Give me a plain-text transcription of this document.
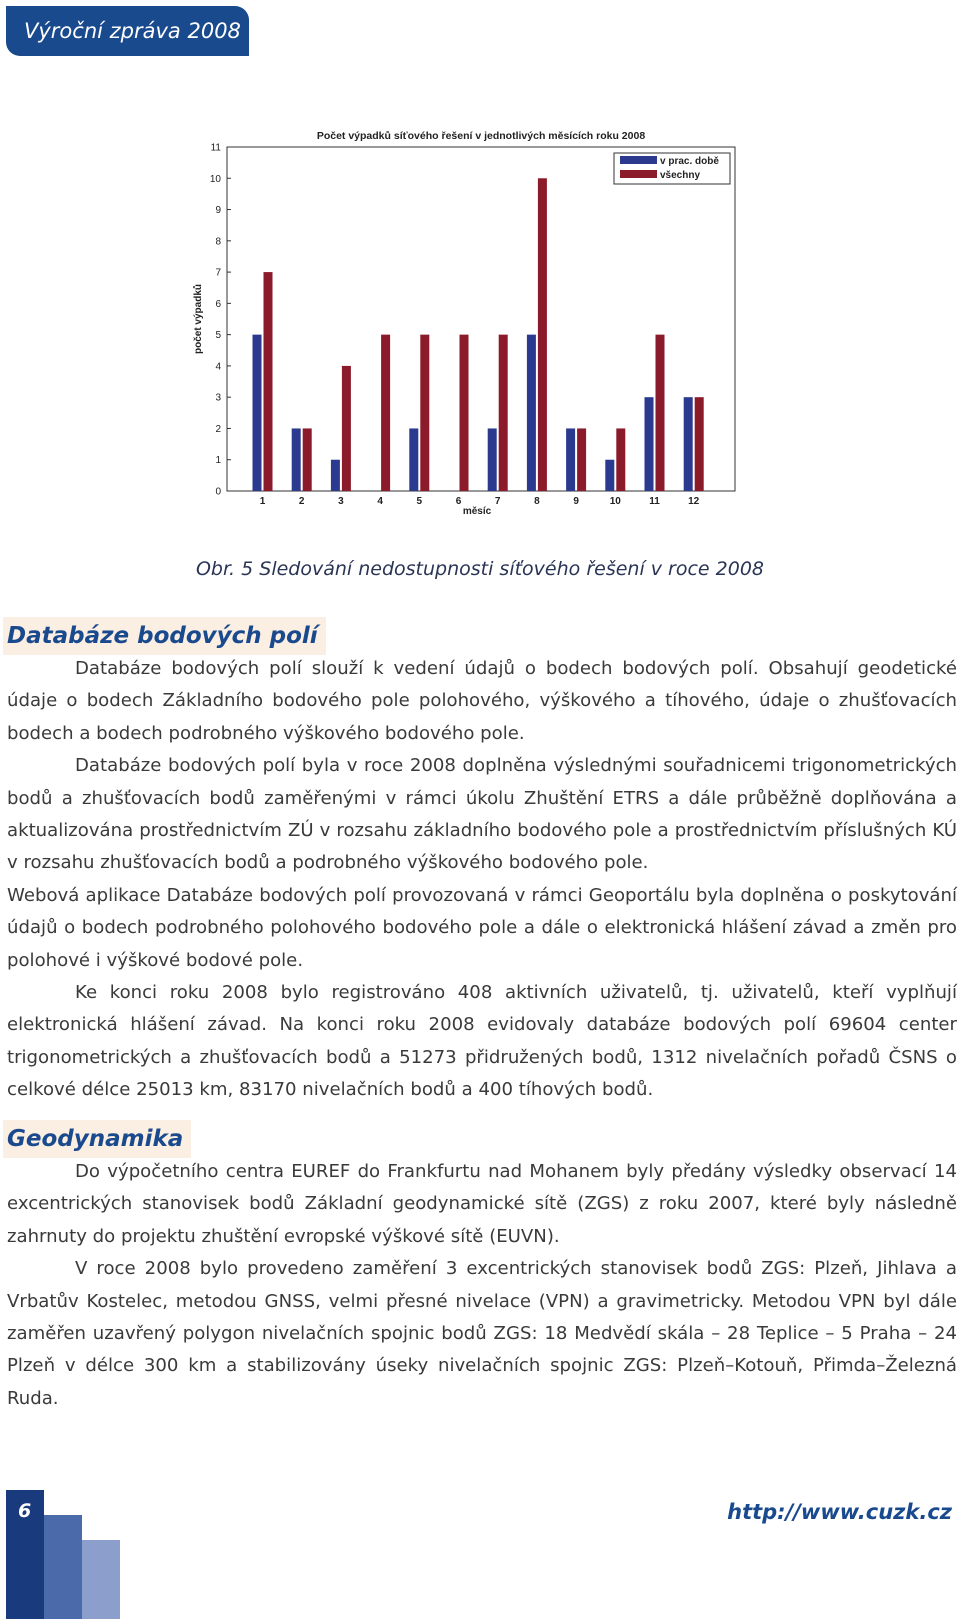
Výroční zpráva 2008
Počet výpadků síťového řešení v jednotlivých měsících roku 2008
počet výpadků
měsíc
0
1
2
3
4
5
6
7
8
9
10
11
1	2	3	4	5	6	7	8	9	10	11	12
v prac. době
všechny
Obr. 5 Sledování nedostupnosti síťového řešení v roce 2008
Databáze bodových polí

Databáze bodových polí slouží k vedení údajů o bodech bodových polí. Obsahují geodetické údaje o bodech Základního bodového pole polohového, výškového a tíhového, údaje o zhušťovacích bodech a bodech podrobného výškového bodového pole.

Databáze bodových polí byla v roce 2008 doplněna výslednými souřadnicemi trigonometrických bodů a zhušťovacích bodů zaměřenými v rámci úkolu Zhuštění ETRS a dále průběžně doplňována a aktualizována prostřednictvím ZÚ v rozsahu základního bodového pole a prostřednictvím příslušných KÚ v rozsahu zhušťovacích bodů a podrobného výškového bodového pole.

Webová aplikace Databáze bodových polí provozovaná v rámci Geoportálu byla doplněna o poskytování údajů o bodech podrobného polohového bodového pole a dále o elektronická hlášení závad a změn pro polohové i výškové bodové pole.

Ke konci roku 2008 bylo registrováno 408 aktivních uživatelů, tj. uživatelů, kteří vyplňují elektronická hlášení závad. Na konci roku 2008 evidovaly databáze bodových polí 69604 center trigonometrických a zhušťovacích bodů a 51273 přidružených bodů, 1312 nivelačních pořadů ČSNS o celkové délce 25013 km, 83170 nivelačních bodů a 400 tíhových bodů.

Geodynamika

Do výpočetního centra EUREF do Frankfurtu nad Mohanem byly předány výsledky observací 14 excentrických stanovisek bodů Základní geodynamické sítě (ZGS) z roku 2007, které byly následně zahrnuty do projektu zhuštění evropské výškové sítě (EUVN).

V roce 2008 bylo provedeno zaměření 3 excentrických stanovisek bodů ZGS: Plzeň, Jihlava a Vrbatův Kostelec, metodou GNSS, velmi přesné nivelace (VPN) a gravimetricky. Metodou VPN byl dále zaměřen uzavřený polygon nivelačních spojnic bodů ZGS: 18 Medvědí skála – 28 Teplice – 5 Praha – 24 Plzeň v délce 300 km a stabilizovány úseky nivelačních spojnic ZGS: Plzeň–Kotouň, Přimda–Železná Ruda.

6	http://www.cuzk.cz
